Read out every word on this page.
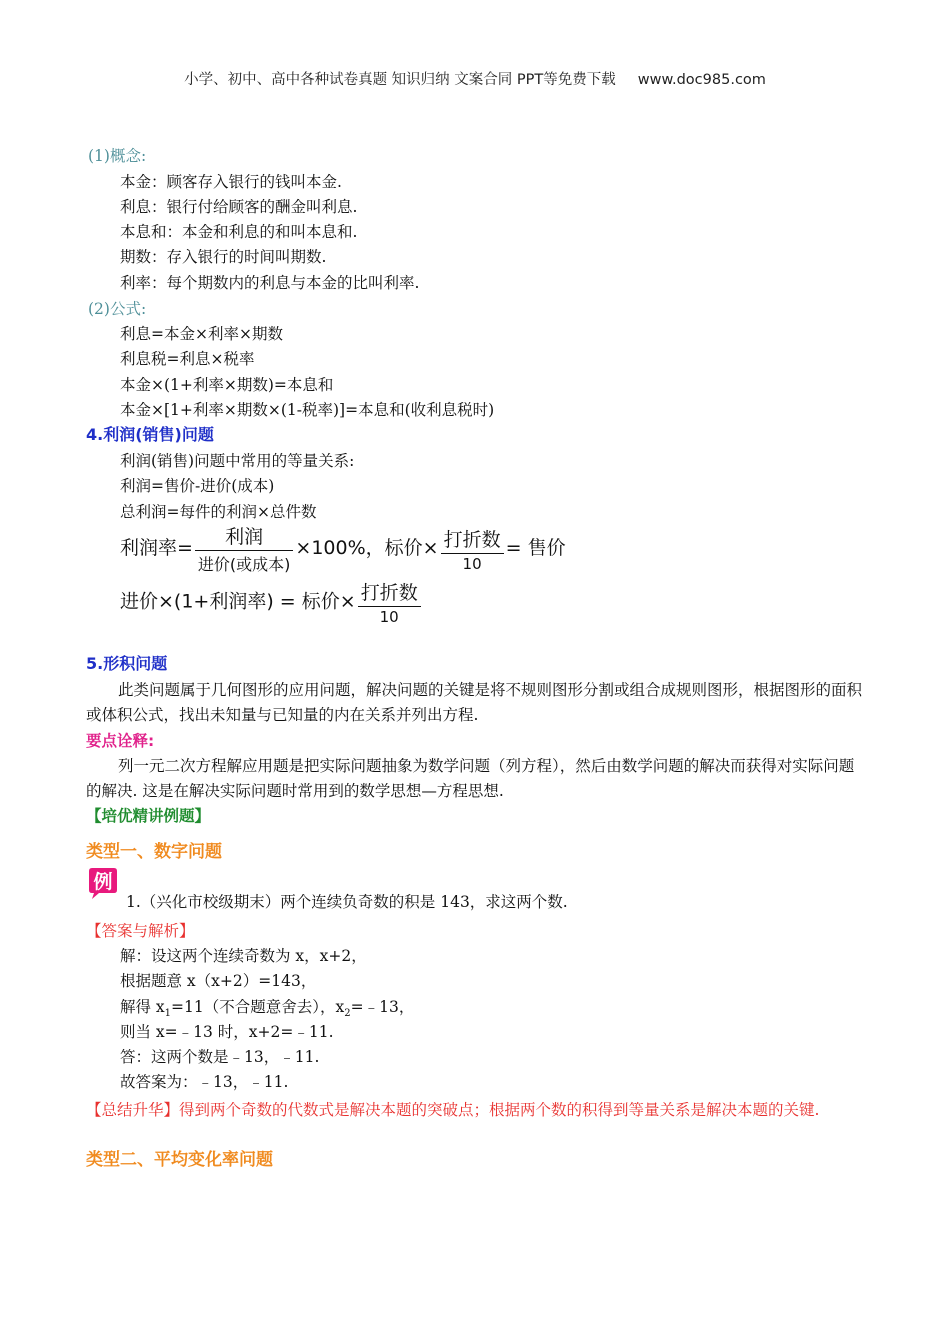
小学、初中、高中各种试卷真题 知识归纳 文案合同 PPT等免费下载 www.doc985.com
(1)概念:
本金：顾客存入银行的钱叫本金.
利息：银行付给顾客的酬金叫利息.
本息和：本金和利息的和叫本息和.
期数：存入银行的时间叫期数.
利率：每个期数内的利息与本金的比叫利率.
(2)公式:
利息=本金×利率×期数
利息税=利息×税率
本金×(1+利率×期数)=本息和
本金×[1+利率×期数×(1-税率)]=本息和(收利息税时)
4.利润(销售)问题
利润(销售)问题中常用的等量关系:
利润=售价-进价(成本)
总利润=每件的利润×总件数
利润率= $\frac{\text{利润}}{\text{进价(或成本)}} \times 100\%$，标价× $\frac{\text{打折数}}{10}$ = 售价
进价×(1+利润率) = 标价× $\frac{\text{打折数}}{10}$
5.形积问题
此类问题属于几何图形的应用问题，解决问题的关键是将不规则图形分割或组合成规则图形，根据图形的面积或体积公式，找出未知量与已知量的内在关系并列出方程.
要点诠释:
列一元二次方程解应用题是把实际问题抽象为数学问题（列方程），然后由数学问题的解决而获得对实际问题的解决. 这是在解决实际问题时常用到的数学思想—方程思想.
【培优精讲例题】
类型一、数字问题
例
1.（兴化市校级期末）两个连续负奇数的积是 143，求这两个数.
【答案与解析】
解：设这两个连续奇数为 x，x+2，
根据题意 x（x+2）=143，
解得 $x_1=11$（不合题意舍去），$x_2=﹣13$，
则当 x=﹣13 时，x+2=﹣11.
答：这两个数是﹣13，﹣11.
故答案为：﹣13，﹣11.
【总结升华】得到两个奇数的代数式是解决本题的突破点；根据两个数的积得到等量关系是解决本题的关键.
类型二、平均变化率问题
